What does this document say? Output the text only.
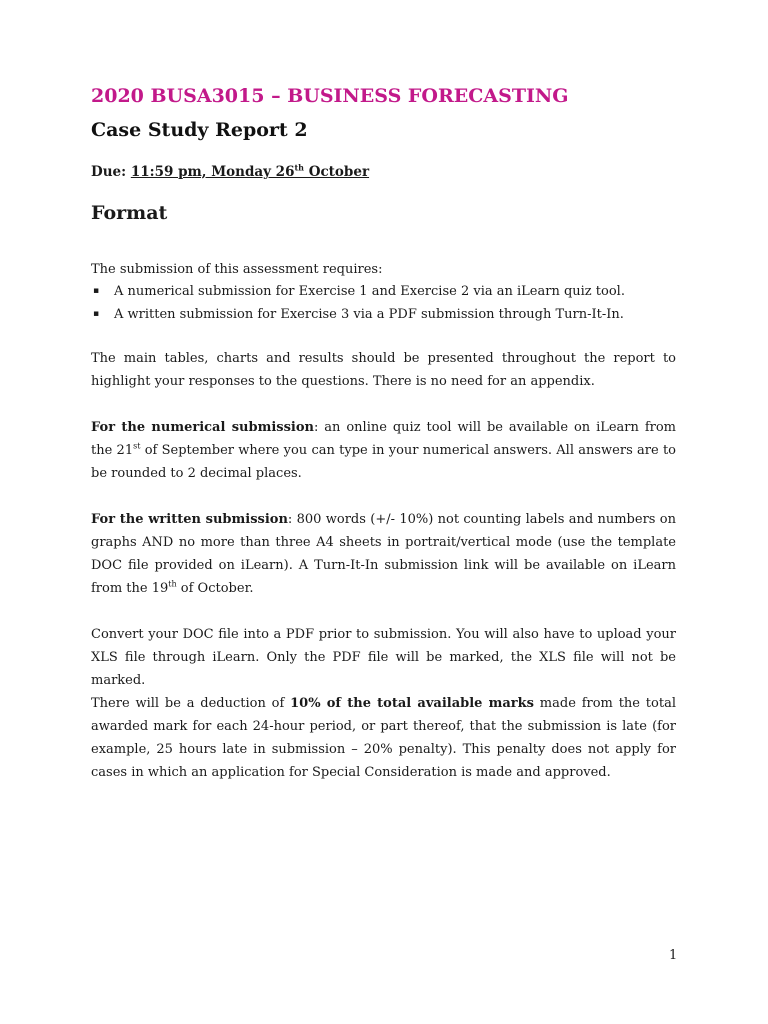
2020 BUSA3015 – BUSINESS FORECASTING
Case Study Report 2
Due: 11:59 pm, Monday 26th October
Format

The submission of this assessment requires:

▪ A numerical submission for Exercise 1 and Exercise 2 via an iLearn quiz tool.
▪ A written submission for Exercise 3 via a PDF submission through Turn-It-In.

The main tables, charts and results should be presented throughout the report to highlight your responses to the questions. There is no need for an appendix.

For the numerical submission: an online quiz tool will be available on iLearn from the 21st of September where you can type in your numerical answers. All answers are to be rounded to 2 decimal places.

For the written submission: 800 words (+/- 10%) not counting labels and numbers on graphs AND no more than three A4 sheets in portrait/vertical mode (use the template DOC file provided on iLearn). A Turn-It-In submission link will be available on iLearn from the 19th of October.

Convert your DOC file into a PDF prior to submission. You will also have to upload your XLS file through iLearn. Only the PDF file will be marked, the XLS file will not be marked.

There will be a deduction of 10% of the total available marks made from the total awarded mark for each 24-hour period, or part thereof, that the submission is late (for example, 25 hours late in submission – 20% penalty). This penalty does not apply for cases in which an application for Special Consideration is made and approved.

1
